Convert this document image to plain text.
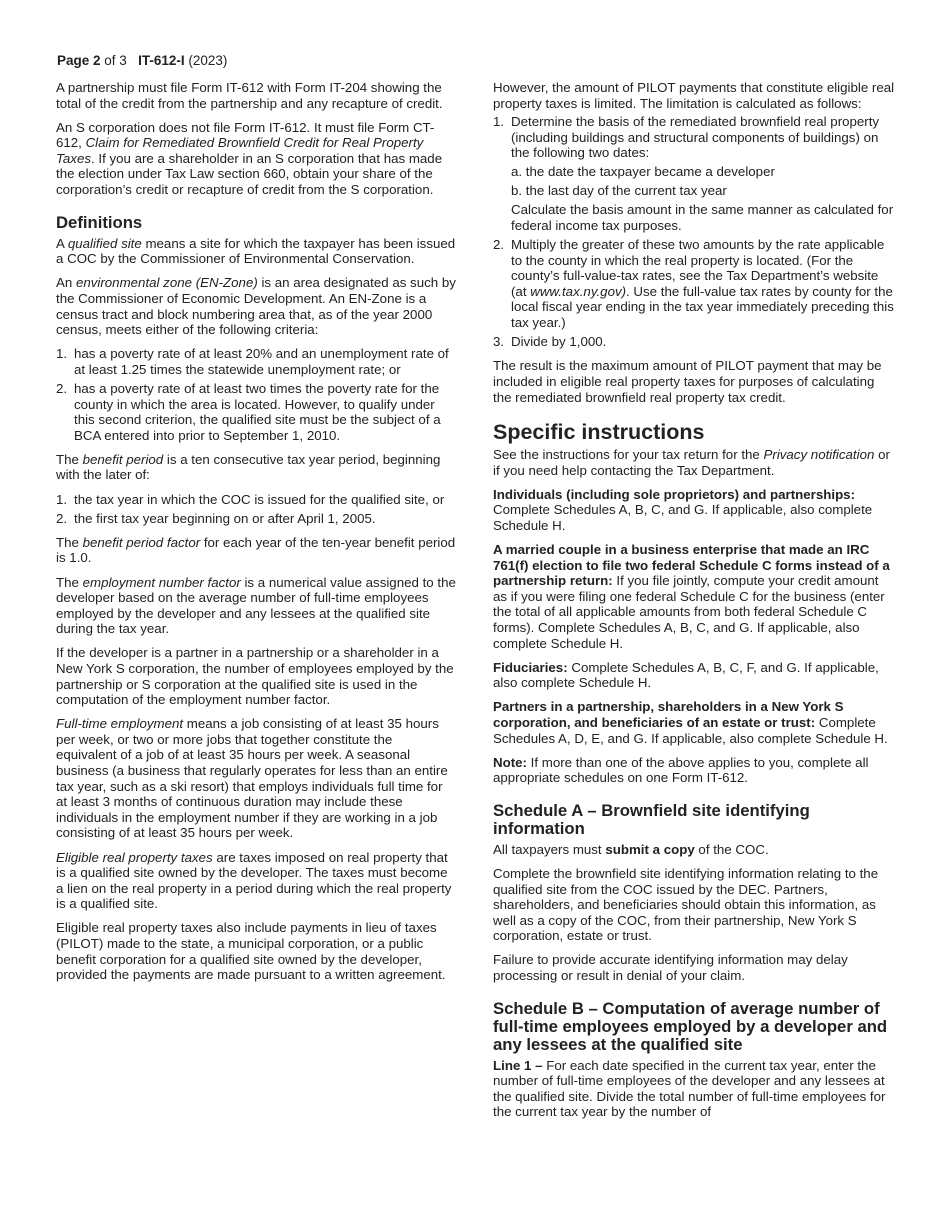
Page 2 of 3 IT-612-I (2023)

A partnership must file Form IT-612 with Form IT-204 showing the total of the credit from the partnership and any recapture of credit.

An S corporation does not file Form IT-612. It must file Form CT-612, Claim for Remediated Brownfield Credit for Real Property Taxes. If you are a shareholder in an S corporation that has made the election under Tax Law section 660, obtain your share of the corporation’s credit or recapture of credit from the S corporation.

Definitions

A qualified site means a site for which the taxpayer has been issued a COC by the Commissioner of Environmental Conservation.

An environmental zone (EN-Zone) is an area designated as such by the Commissioner of Economic Development. An EN-Zone is a census tract and block numbering area that, as of the year 2000 census, meets either of the following criteria:

1. has a poverty rate of at least 20% and an unemployment rate of at least 1.25 times the statewide unemployment rate; or
2. has a poverty rate of at least two times the poverty rate for the county in which the area is located. However, to qualify under this second criterion, the qualified site must be the subject of a BCA entered into prior to September 1, 2010.

The benefit period is a ten consecutive tax year period, beginning with the later of:

1. the tax year in which the COC is issued for the qualified site, or
2. the first tax year beginning on or after April 1, 2005.

The benefit period factor for each year of the ten-year benefit period is 1.0.

The employment number factor is a numerical value assigned to the developer based on the average number of full-time employees employed by the developer and any lessees at the qualified site during the tax year.

If the developer is a partner in a partnership or a shareholder in a New York S corporation, the number of employees employed by the partnership or S corporation at the qualified site is used in the computation of the employment number factor.

Full-time employment means a job consisting of at least 35 hours per week, or two or more jobs that together constitute the equivalent of a job of at least 35 hours per week. A seasonal business (a business that regularly operates for less than an entire tax year, such as a ski resort) that employs individuals full time for at least 3 months of continuous duration may include these individuals in the employment number if they are working in a job consisting of at least 35 hours per week.

Eligible real property taxes are taxes imposed on real property that is a qualified site owned by the developer. The taxes must become a lien on the real property in a period during which the real property is a qualified site.

Eligible real property taxes also include payments in lieu of taxes (PILOT) made to the state, a municipal corporation, or a public benefit corporation for a qualified site owned by the developer, provided the payments are made pursuant to a written agreement.

However, the amount of PILOT payments that constitute eligible real property taxes is limited. The limitation is calculated as follows:

1. Determine the basis of the remediated brownfield real property (including buildings and structural components of buildings) on the following two dates:
a. the date the taxpayer became a developer
b. the last day of the current tax year
Calculate the basis amount in the same manner as calculated for federal income tax purposes.
2. Multiply the greater of these two amounts by the rate applicable to the county in which the real property is located. (For the county’s full-value-tax rates, see the Tax Department’s website (at www.tax.ny.gov). Use the full-value tax rates by county for the local fiscal year ending in the tax year immediately preceding this tax year.)
3. Divide by 1,000.

The result is the maximum amount of PILOT payment that may be included in eligible real property taxes for purposes of calculating the remediated brownfield real property tax credit.

Specific instructions

See the instructions for your tax return for the Privacy notification or if you need help contacting the Tax Department.

Individuals (including sole proprietors) and partnerships: Complete Schedules A, B, C, and G. If applicable, also complete Schedule H.

A married couple in a business enterprise that made an IRC 761(f) election to file two federal Schedule C forms instead of a partnership return: If you file jointly, compute your credit amount as if you were filing one federal Schedule C for the business (enter the total of all applicable amounts from both federal Schedule C forms). Complete Schedules A, B, C, and G. If applicable, also complete Schedule H.

Fiduciaries: Complete Schedules A, B, C, F, and G. If applicable, also complete Schedule H.

Partners in a partnership, shareholders in a New York S corporation, and beneficiaries of an estate or trust: Complete Schedules A, D, E, and G. If applicable, also complete Schedule H.

Note: If more than one of the above applies to you, complete all appropriate schedules on one Form IT-612.

Schedule A – Brownfield site identifying information

All taxpayers must submit a copy of the COC.

Complete the brownfield site identifying information relating to the qualified site from the COC issued by the DEC. Partners, shareholders, and beneficiaries should obtain this information, as well as a copy of the COC, from their partnership, New York S corporation, estate or trust.

Failure to provide accurate identifying information may delay processing or result in denial of your claim.

Schedule B – Computation of average number of full-time employees employed by a developer and any lessees at the qualified site

Line 1 – For each date specified in the current tax year, enter the number of full-time employees of the developer and any lessees at the qualified site. Divide the total number of full-time employees for the current tax year by the number of
